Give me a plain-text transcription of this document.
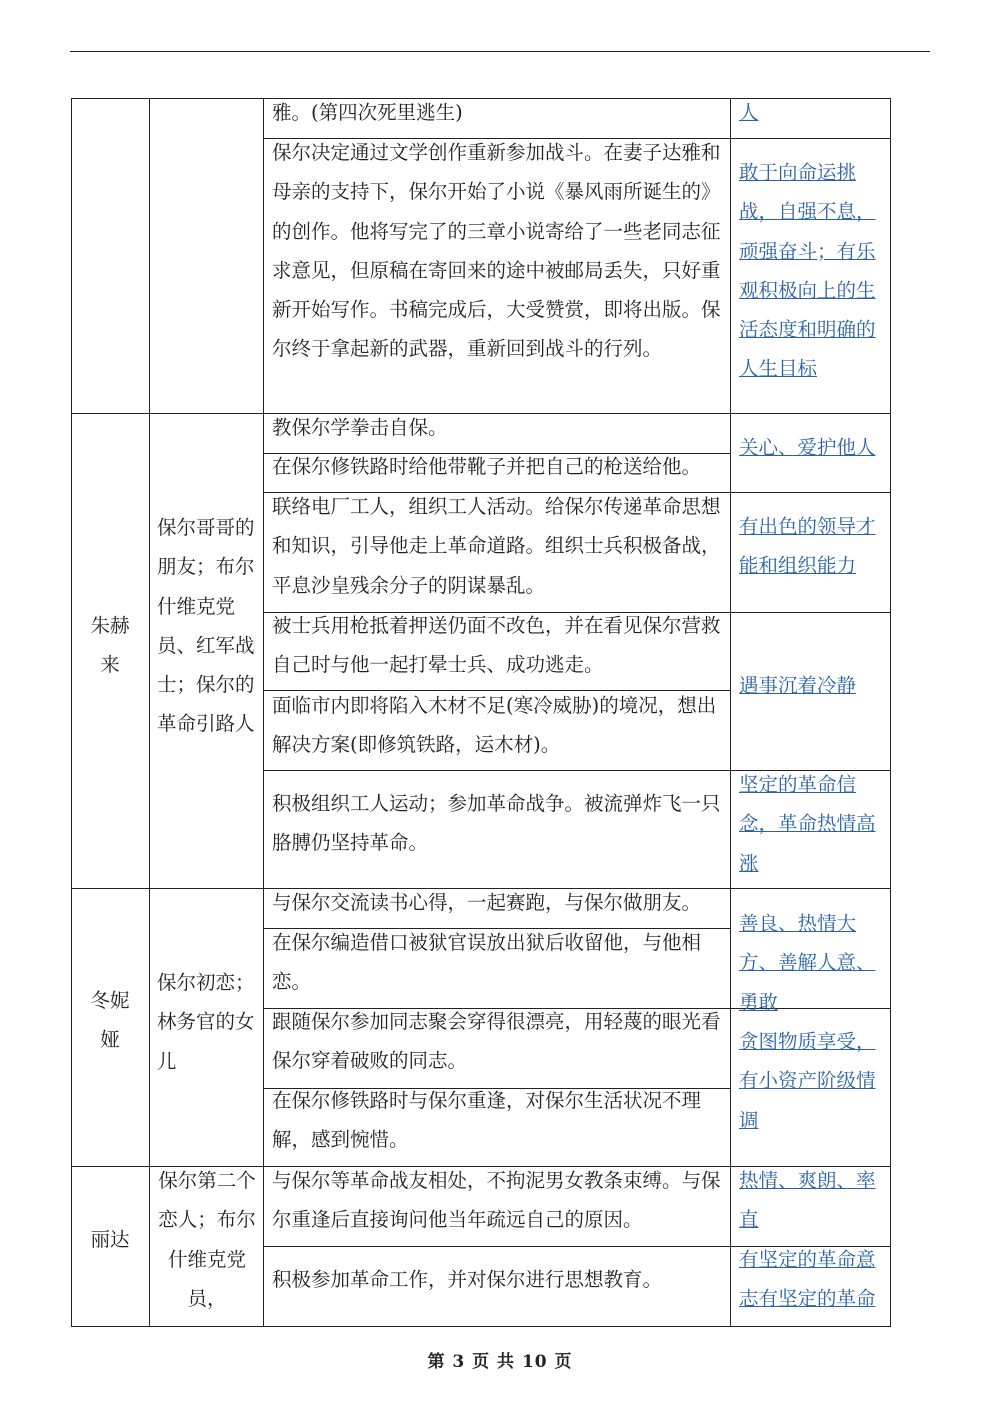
雅。(第四次死里逃生)	人
保尔决定通过文学创作重新参加战斗。在妻子达雅和母亲的支持下，保尔开始了小说《暴风雨所诞生的》的创作。他将写完了的三章小说寄给了一些老同志征求意见，但原稿在寄回来的途中被邮局丢失，只好重新开始写作。书稿完成后，大受赞赏，即将出版。保尔终于拿起新的武器，重新回到战斗的行列。
敢于向命运挑战，自强不息，顽强奋斗；有乐观积极向上的生活态度和明确的人生目标
朱赫来
保尔哥哥的朋友；布尔什维克党员、红军战士；保尔的革命引路人
教保尔学拳击自保。
在保尔修铁路时给他带靴子并把自己的枪送给他。
联络电厂工人，组织工人活动。给保尔传递革命思想和知识，引导他走上革命道路。组织士兵积极备战，平息沙皇残余分子的阴谋暴乱。
被士兵用枪抵着押送仍面不改色，并在看见保尔营救自己时与他一起打晕士兵、成功逃走。
面临市内即将陷入木材不足(寒冷威胁)的境况，想出解决方案(即修筑铁路，运木材)。
积极组织工人运动；参加革命战争。被流弹炸飞一只胳膊仍坚持革命。
关心、爱护他人
有出色的领导才能和组织能力
遇事沉着冷静
坚定的革命信念，革命热情高涨
冬妮娅
保尔初恋；林务官的女儿
与保尔交流读书心得，一起赛跑，与保尔做朋友。
在保尔编造借口被狱官误放出狱后收留他，与他相恋。
跟随保尔参加同志聚会穿得很漂亮，用轻蔑的眼光看保尔穿着破败的同志。
在保尔修铁路时与保尔重逢，对保尔生活状况不理解，感到惋惜。
善良、热情大方、善解人意、勇敢
贪图物质享受，有小资产阶级情调
丽达
保尔第二个恋人；布尔什维克党员，
与保尔等革命战友相处，不拘泥男女教条束缚。与保尔重逢后直接询问他当年疏远自己的原因。
积极参加革命工作，并对保尔进行思想教育。
热情、爽朗、率直
有坚定的革命意志有坚定的革命
第 3 页 共 10 页
